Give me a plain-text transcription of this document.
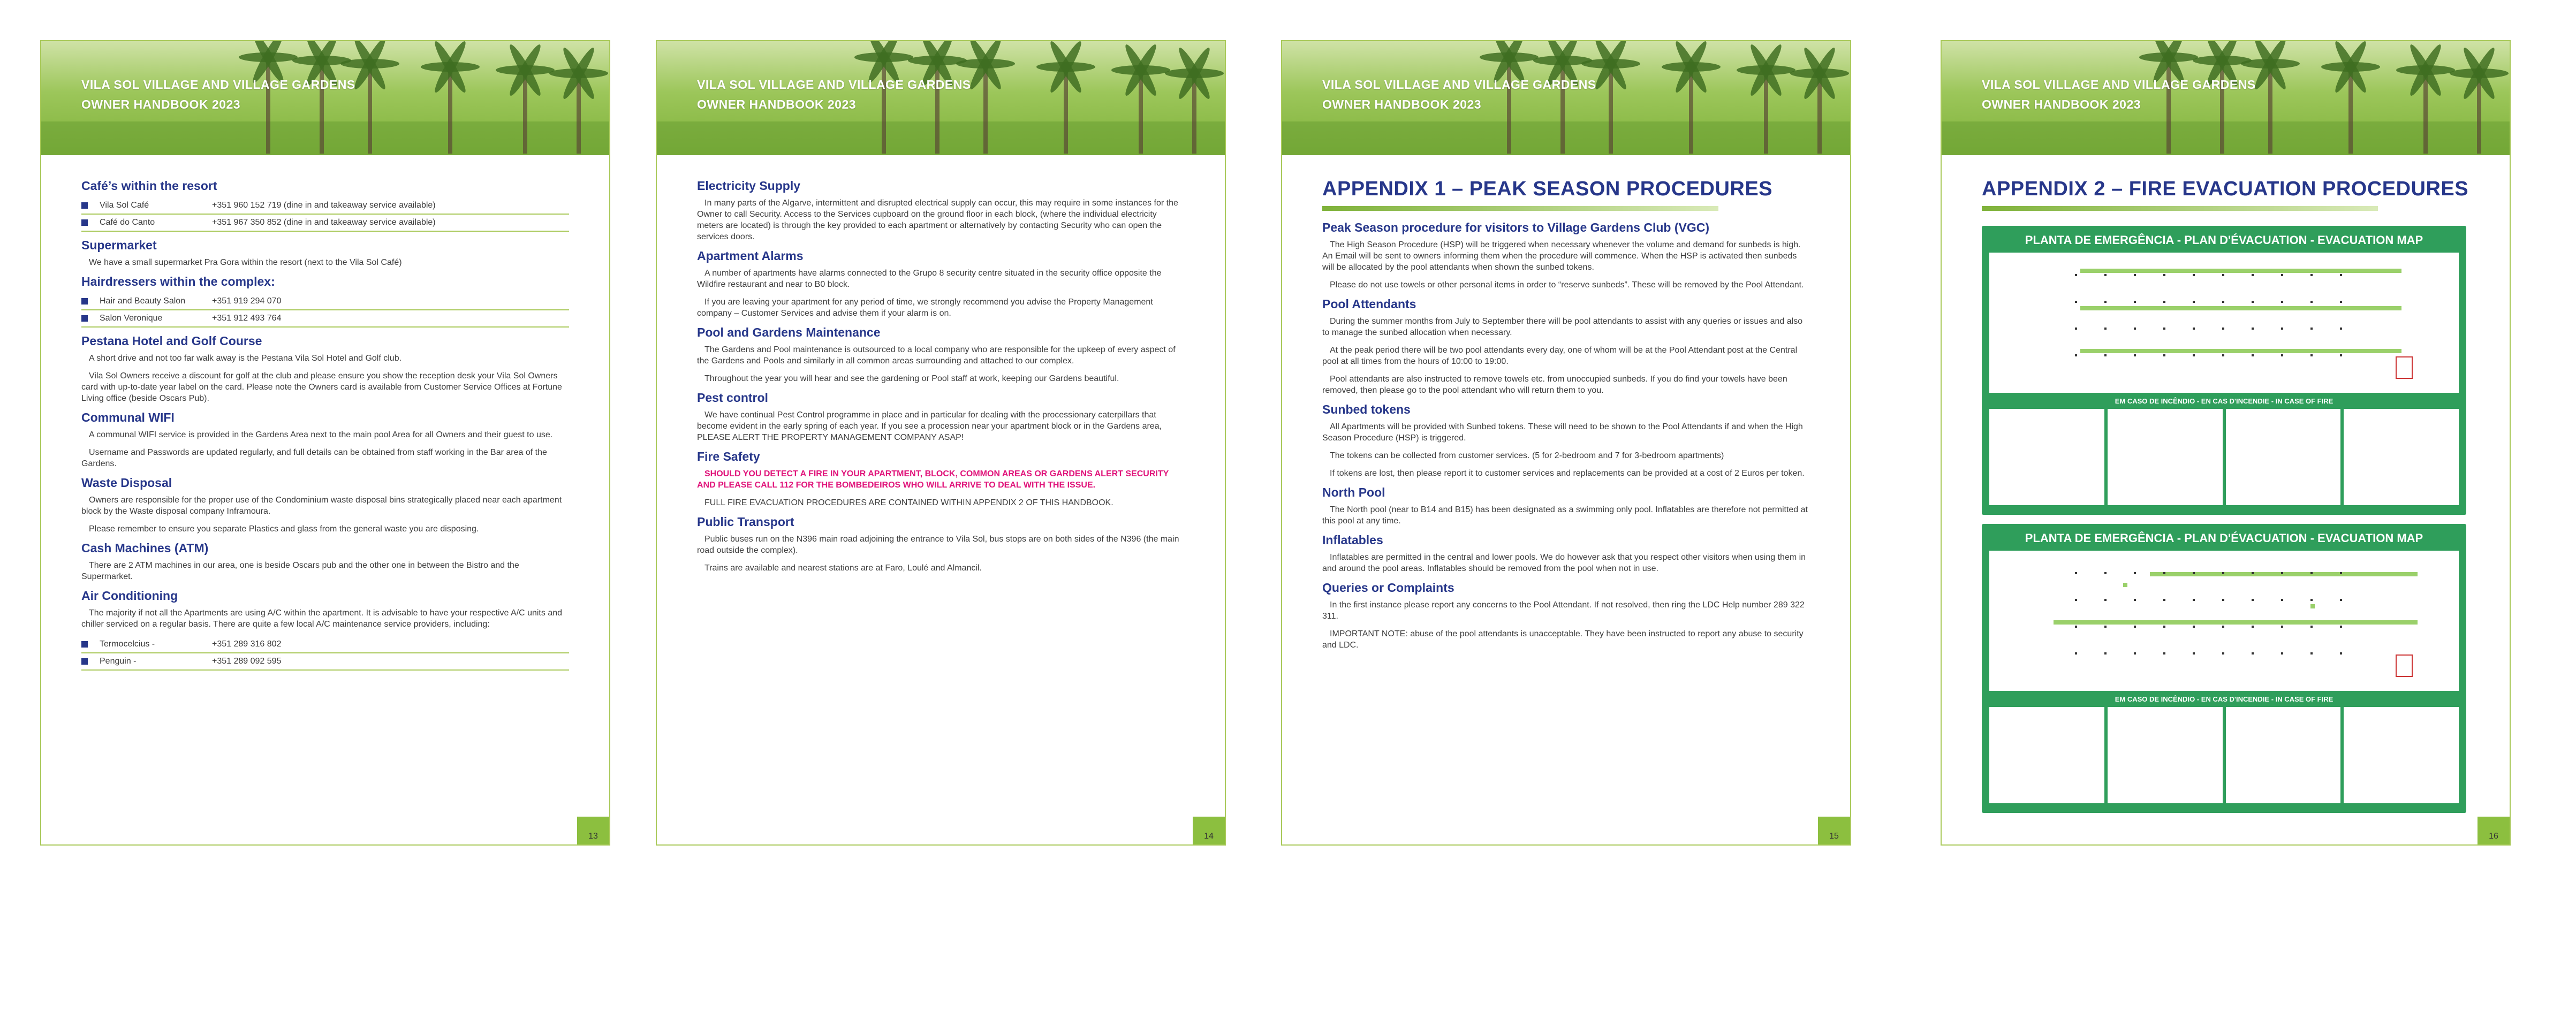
VILA SOL VILLAGE AND VILLAGE GARDENS
OWNER HANDBOOK 2023
Café’s within the resort
Vila Sol Café	+351 960 152 719 (dine in and takeaway service available)
Café do Canto	+351 967 350 852 (dine in and takeaway service available)
Supermarket

We have a small supermarket Pra Gora within the resort (next to the Vila Sol Café)

Hairdressers within the complex:
Hair and Beauty Salon	+351 919 294 070
Salon Veronique	+351 912 493 764
Pestana Hotel and Golf Course

A short drive and not too far walk away is the Pestana Vila Sol Hotel and Golf club.

Vila Sol Owners receive a discount for golf at the club and please ensure you show the reception desk your Vila Sol Owners card with up-to-date year label on the card. Please note the Owners card is available from Customer Service Offices at Fortune Living office (beside Oscars Pub).

Communal WIFI

A communal WIFI service is provided in the Gardens Area next to the main pool Area for all Owners and their guest to use.

Username and Passwords are updated regularly, and full details can be obtained from staff working in the Bar area of the Gardens.

Waste Disposal

Owners are responsible for the proper use of the Condominium waste disposal bins strategically placed near each apartment block by the Waste disposal company Inframoura.

Please remember to ensure you separate Plastics and glass from the general waste you are disposing.

Cash Machines (ATM)

There are 2 ATM machines in our area, one is beside Oscars pub and the other one in between the Bistro and the Supermarket.

Air Conditioning

The majority if not all the Apartments are using A/C within the apartment. It is advisable to have your respective A/C units and chiller serviced on a regular basis. There are quite a few local A/C maintenance service providers, including:

Termocelcius -	+351 289 316 802
Penguin -	+351 289 092 595
13
VILA SOL VILLAGE AND VILLAGE GARDENS
OWNER HANDBOOK 2023
Electricity Supply

In many parts of the Algarve, intermittent and disrupted electrical supply can occur, this may require in some instances for the Owner to call Security. Access to the Services cupboard on the ground floor in each block, (where the individual electricity meters are located) is through the key provided to each apartment or alternatively by contacting Security who can open the services doors.

Apartment Alarms

A number of apartments have alarms connected to the Grupo 8 security centre situated in the security office opposite the Wildfire restaurant and near to B0 block.

If you are leaving your apartment for any period of time, we strongly recommend you advise the Property Management company – Customer Services and advise them if your alarm is on.

Pool and Gardens Maintenance

The Gardens and Pool maintenance is outsourced to a local company who are responsible for the upkeep of every aspect of the Gardens and Pools and similarly in all common areas surrounding and attached to our complex.

Throughout the year you will hear and see the gardening or Pool staff at work, keeping our Gardens beautiful.

Pest control

We have continual Pest Control programme in place and in particular for dealing with the processionary caterpillars that become evident in the early spring of each year. If you see a procession near your apartment block or in the Gardens area, PLEASE ALERT THE PROPERTY MANAGEMENT COMPANY ASAP!

Fire Safety

SHOULD YOU DETECT A FIRE IN YOUR APARTMENT, BLOCK, COMMON AREAS OR GARDENS ALERT SECURITY AND PLEASE CALL 112 FOR THE BOMBEDEIROS WHO WILL ARRIVE TO DEAL WITH THE ISSUE.

FULL FIRE EVACUATION PROCEDURES ARE CONTAINED WITHIN APPENDIX 2 OF THIS HANDBOOK.

Public Transport

Public buses run on the N396 main road adjoining the entrance to Vila Sol, bus stops are on both sides of the N396 (the main road outside the complex).

Trains are available and nearest stations are at Faro, Loulé and Almancil.

14
VILA SOL VILLAGE AND VILLAGE GARDENS
OWNER HANDBOOK 2023
APPENDIX 1 – PEAK SEASON PROCEDURES
Peak Season procedure for visitors to Village Gardens Club (VGC)

The High Season Procedure (HSP) will be triggered when necessary whenever the volume and demand for sunbeds is high. An Email will be sent to owners informing them when the procedure will commence. When the HSP is activated then sunbeds will be allocated by the pool attendants when shown the sunbed tokens.

Please do not use towels or other personal items in order to “reserve sunbeds”. These will be removed by the Pool Attendant.

Pool Attendants

During the summer months from July to September there will be pool attendants to assist with any queries or issues and also to manage the sunbed allocation when necessary.

At the peak period there will be two pool attendants every day, one of whom will be at the Pool Attendant post at the Central pool at all times from the hours of 10:00 to 19:00.

Pool attendants are also instructed to remove towels etc. from unoccupied sunbeds. If you do find your towels have been removed, then please go to the pool attendant who will return them to you.

Sunbed tokens

All Apartments will be provided with Sunbed tokens. These will need to be shown to the Pool Attendants if and when the High Season Procedure (HSP) is triggered.

The tokens can be collected from customer services. (5 for 2-bedroom and 7 for 3-bedroom apartments)

If tokens are lost, then please report it to customer services and replacements can be provided at a cost of 2 Euros per token.

North Pool

The North pool (near to B14 and B15) has been designated as a swimming only pool. Inflatables are therefore not permitted at this pool at any time.

Inflatables

Inflatables are permitted in the central and lower pools. We do however ask that you respect other visitors when using them in and around the pool areas. Inflatables should be removed from the pool when not in use.

Queries or Complaints

In the first instance please report any concerns to the Pool Attendant. If not resolved, then ring the LDC Help number 289 322 311.

IMPORTANT NOTE: abuse of the pool attendants is unacceptable. They have been instructed to report any abuse to security and LDC.

15
VILA SOL VILLAGE AND VILLAGE GARDENS
OWNER HANDBOOK 2023
APPENDIX 2 – FIRE EVACUATION PROCEDURES
PLANTA DE EMERGÊNCIA - PLAN D'ÉVACUATION - EVACUATION MAP
EM CASO DE INCÊNDIO - EN CAS D'INCENDIE - IN CASE OF FIRE
PLANTA DE EMERGÊNCIA - PLAN D'ÉVACUATION - EVACUATION MAP
EM CASO DE INCÊNDIO - EN CAS D'INCENDIE - IN CASE OF FIRE
16
